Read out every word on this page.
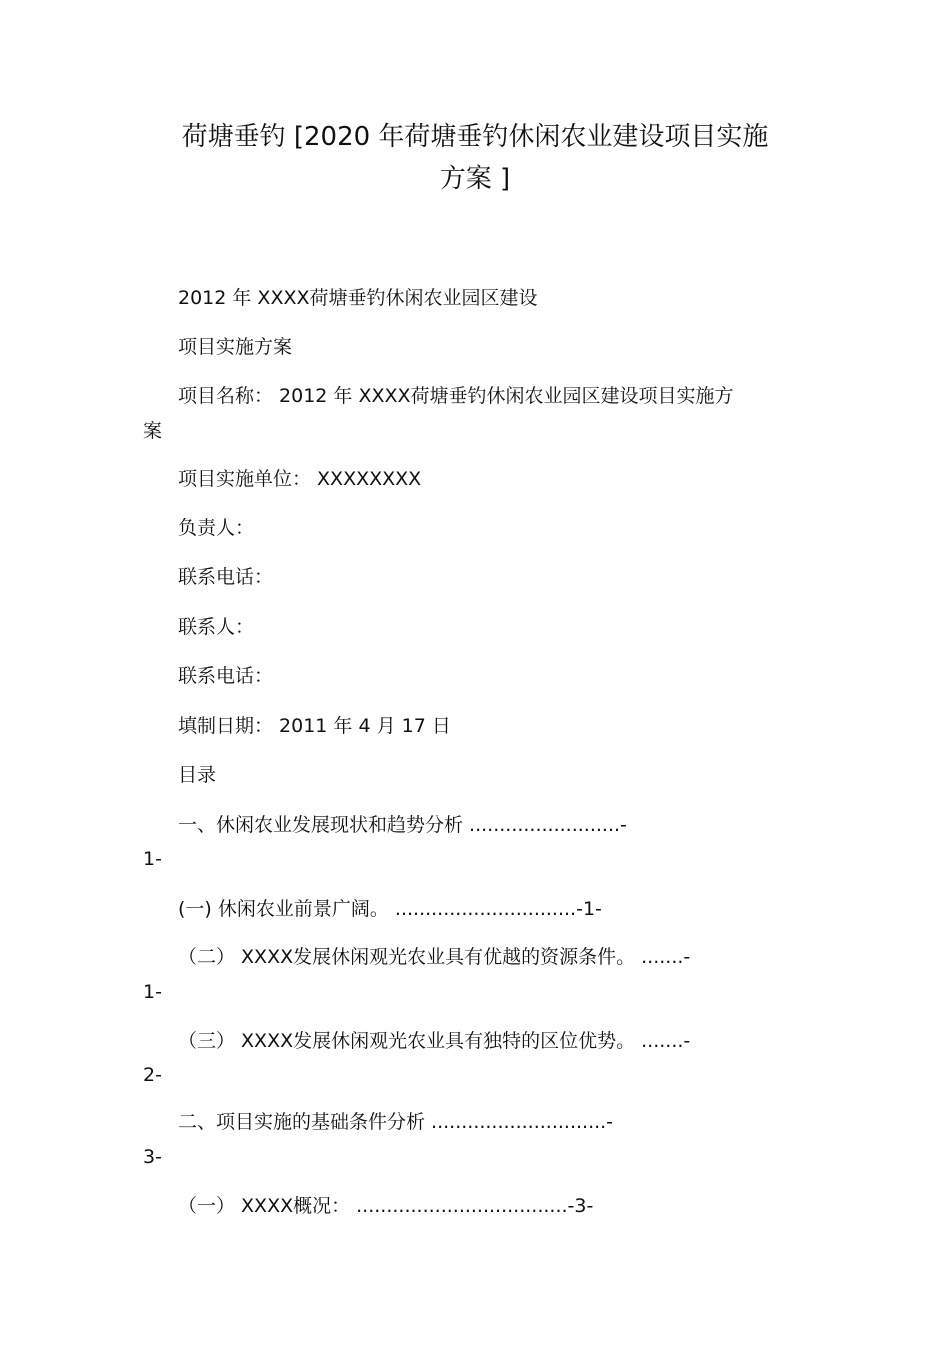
荷塘垂钓 [2020 年荷塘垂钓休闲农业建设项目实施
方案 ]
2012 年 XXXX荷塘垂钓休闲农业园区建设
项目实施方案
项目名称： 2012 年 XXXX荷塘垂钓休闲农业园区建设项目实施方
案
项目实施单位： XXXXXXXX
负责人：
联系电话：
联系人：
联系电话：
填制日期： 2011 年 4 月 17 日
目录
一、休闲农业发展现状和趋势分析 .........................-
1-
(一) 休闲农业前景广阔。 ..............................-1-
（二） XXXX发展休闲观光农业具有优越的资源条件。 .......-
1-
（三） XXXX发展休闲观光农业具有独特的区位优势。 .......-
2-
二、项目实施的基础条件分析 .............................-
3-
（一） XXXX概况： ...................................-3-
